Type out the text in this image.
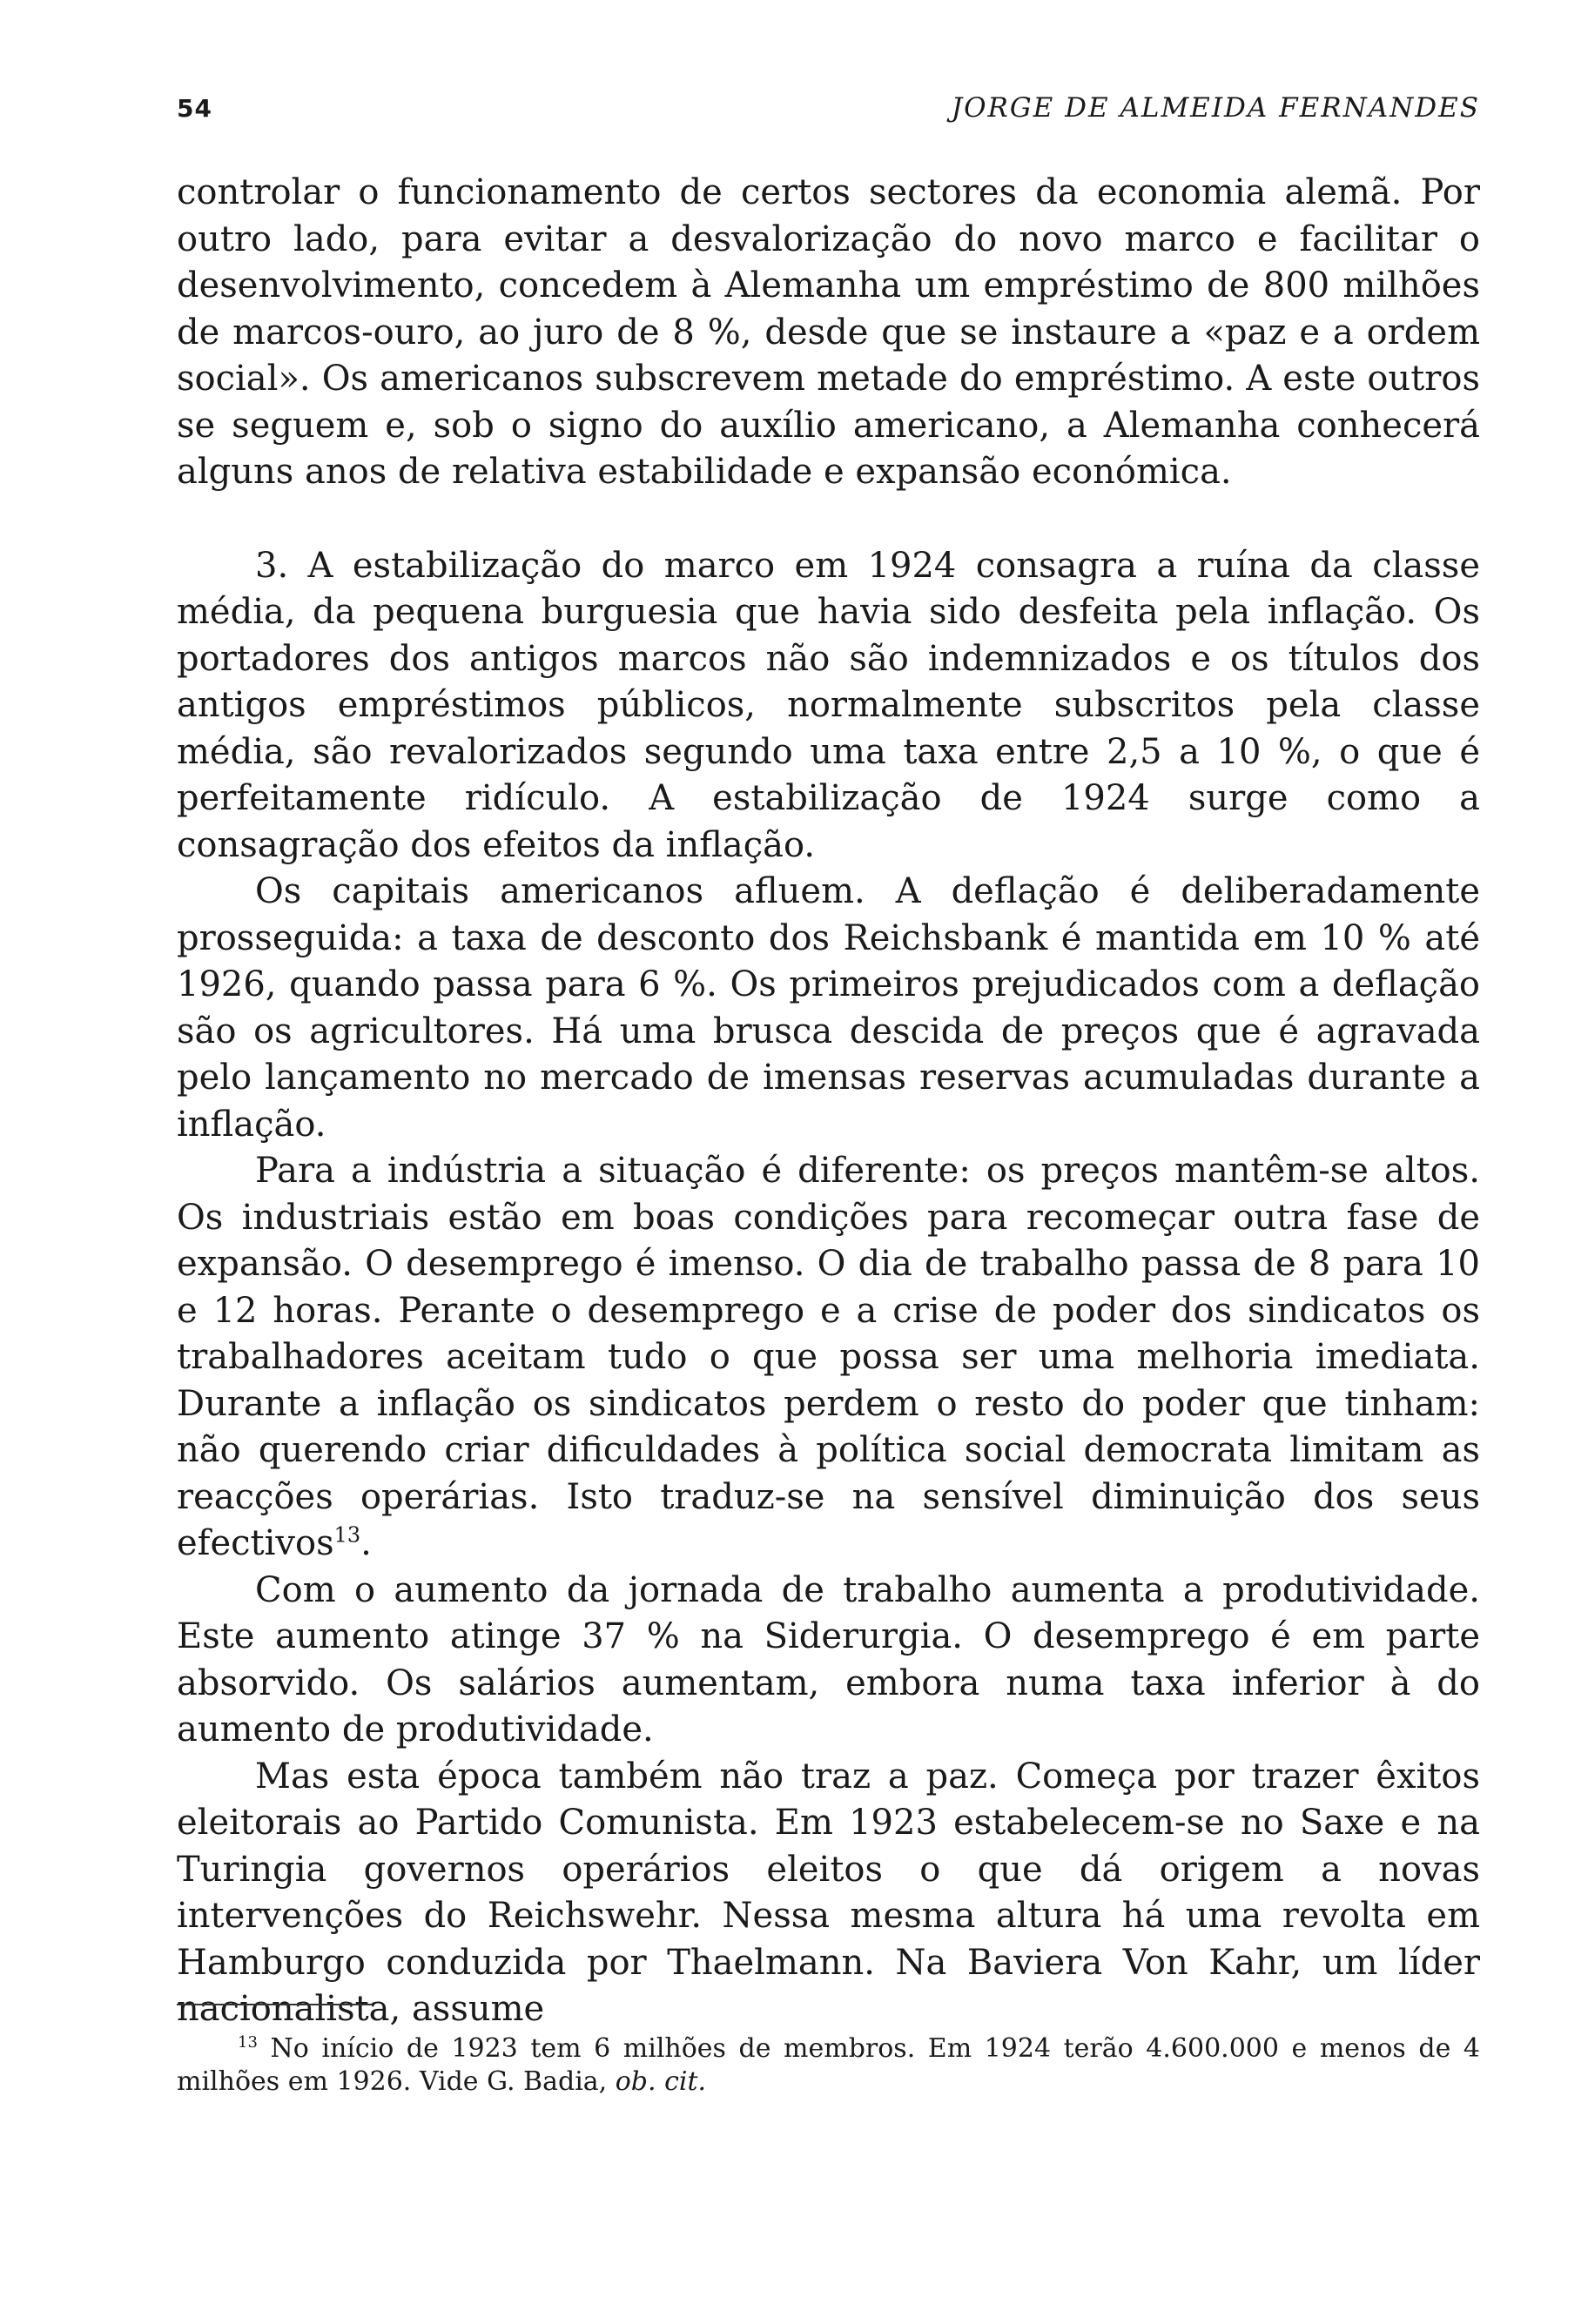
54	JORGE DE ALMEIDA FERNANDES

controlar o funcionamento de certos sectores da economia alemã. Por outro lado, para evitar a desvalorização do novo marco e facilitar o desenvolvimento, concedem à Alemanha um empréstimo de 800 milhões de marcos-ouro, ao juro de 8 %, desde que se instaure a «paz e a ordem social». Os americanos subscrevem metade do empréstimo. A este outros se seguem e, sob o signo do auxílio americano, a Alemanha conhecerá alguns anos de relativa estabilidade e expansão económica.

3. A estabilização do marco em 1924 consagra a ruína da classe média, da pequena burguesia que havia sido desfeita pela inflação. Os portadores dos antigos marcos não são indemnizados e os títulos dos antigos empréstimos públicos, normalmente subscritos pela classe média, são revalorizados segundo uma taxa entre 2,5 a 10 %, o que é perfeitamente ridículo. A estabilização de 1924 surge como a consagração dos efeitos da inflação.

Os capitais americanos afluem. A deflação é deliberadamente prosseguida: a taxa de desconto dos Reichsbank é mantida em 10 % até 1926, quando passa para 6 %. Os primeiros prejudicados com a deflação são os agricultores. Há uma brusca descida de preços que é agravada pelo lançamento no mercado de imensas reservas acumuladas durante a inflação.

Para a indústria a situação é diferente: os preços mantêm-se altos. Os industriais estão em boas condições para recomeçar outra fase de expansão. O desemprego é imenso. O dia de trabalho passa de 8 para 10 e 12 horas. Perante o desemprego e a crise de poder dos sindicatos os trabalhadores aceitam tudo o que possa ser uma melhoria imediata. Durante a inflação os sindicatos perdem o resto do poder que tinham: não querendo criar dificuldades à política social democrata limitam as reacções operárias. Isto traduz-se na sensível diminuição dos seus efectivos$^{13}$.

Com o aumento da jornada de trabalho aumenta a produtividade. Este aumento atinge 37 % na Siderurgia. O desemprego é em parte absorvido. Os salários aumentam, embora numa taxa inferior à do aumento de produtividade.

Mas esta época também não traz a paz. Começa por trazer êxitos eleitorais ao Partido Comunista. Em 1923 estabelecem-se no Saxe e na Turingia governos operários eleitos o que dá origem a novas intervenções do Reichswehr. Nessa mesma altura há uma revolta em Hamburgo conduzida por Thaelmann. Na Baviera Von Kahr, um líder nacionalista, assume

$^{13}$ No início de 1923 tem 6 milhões de membros. Em 1924 terão 4.600.000 e menos de 4 milhões em 1926. Vide G. Badia, ob. cit.
